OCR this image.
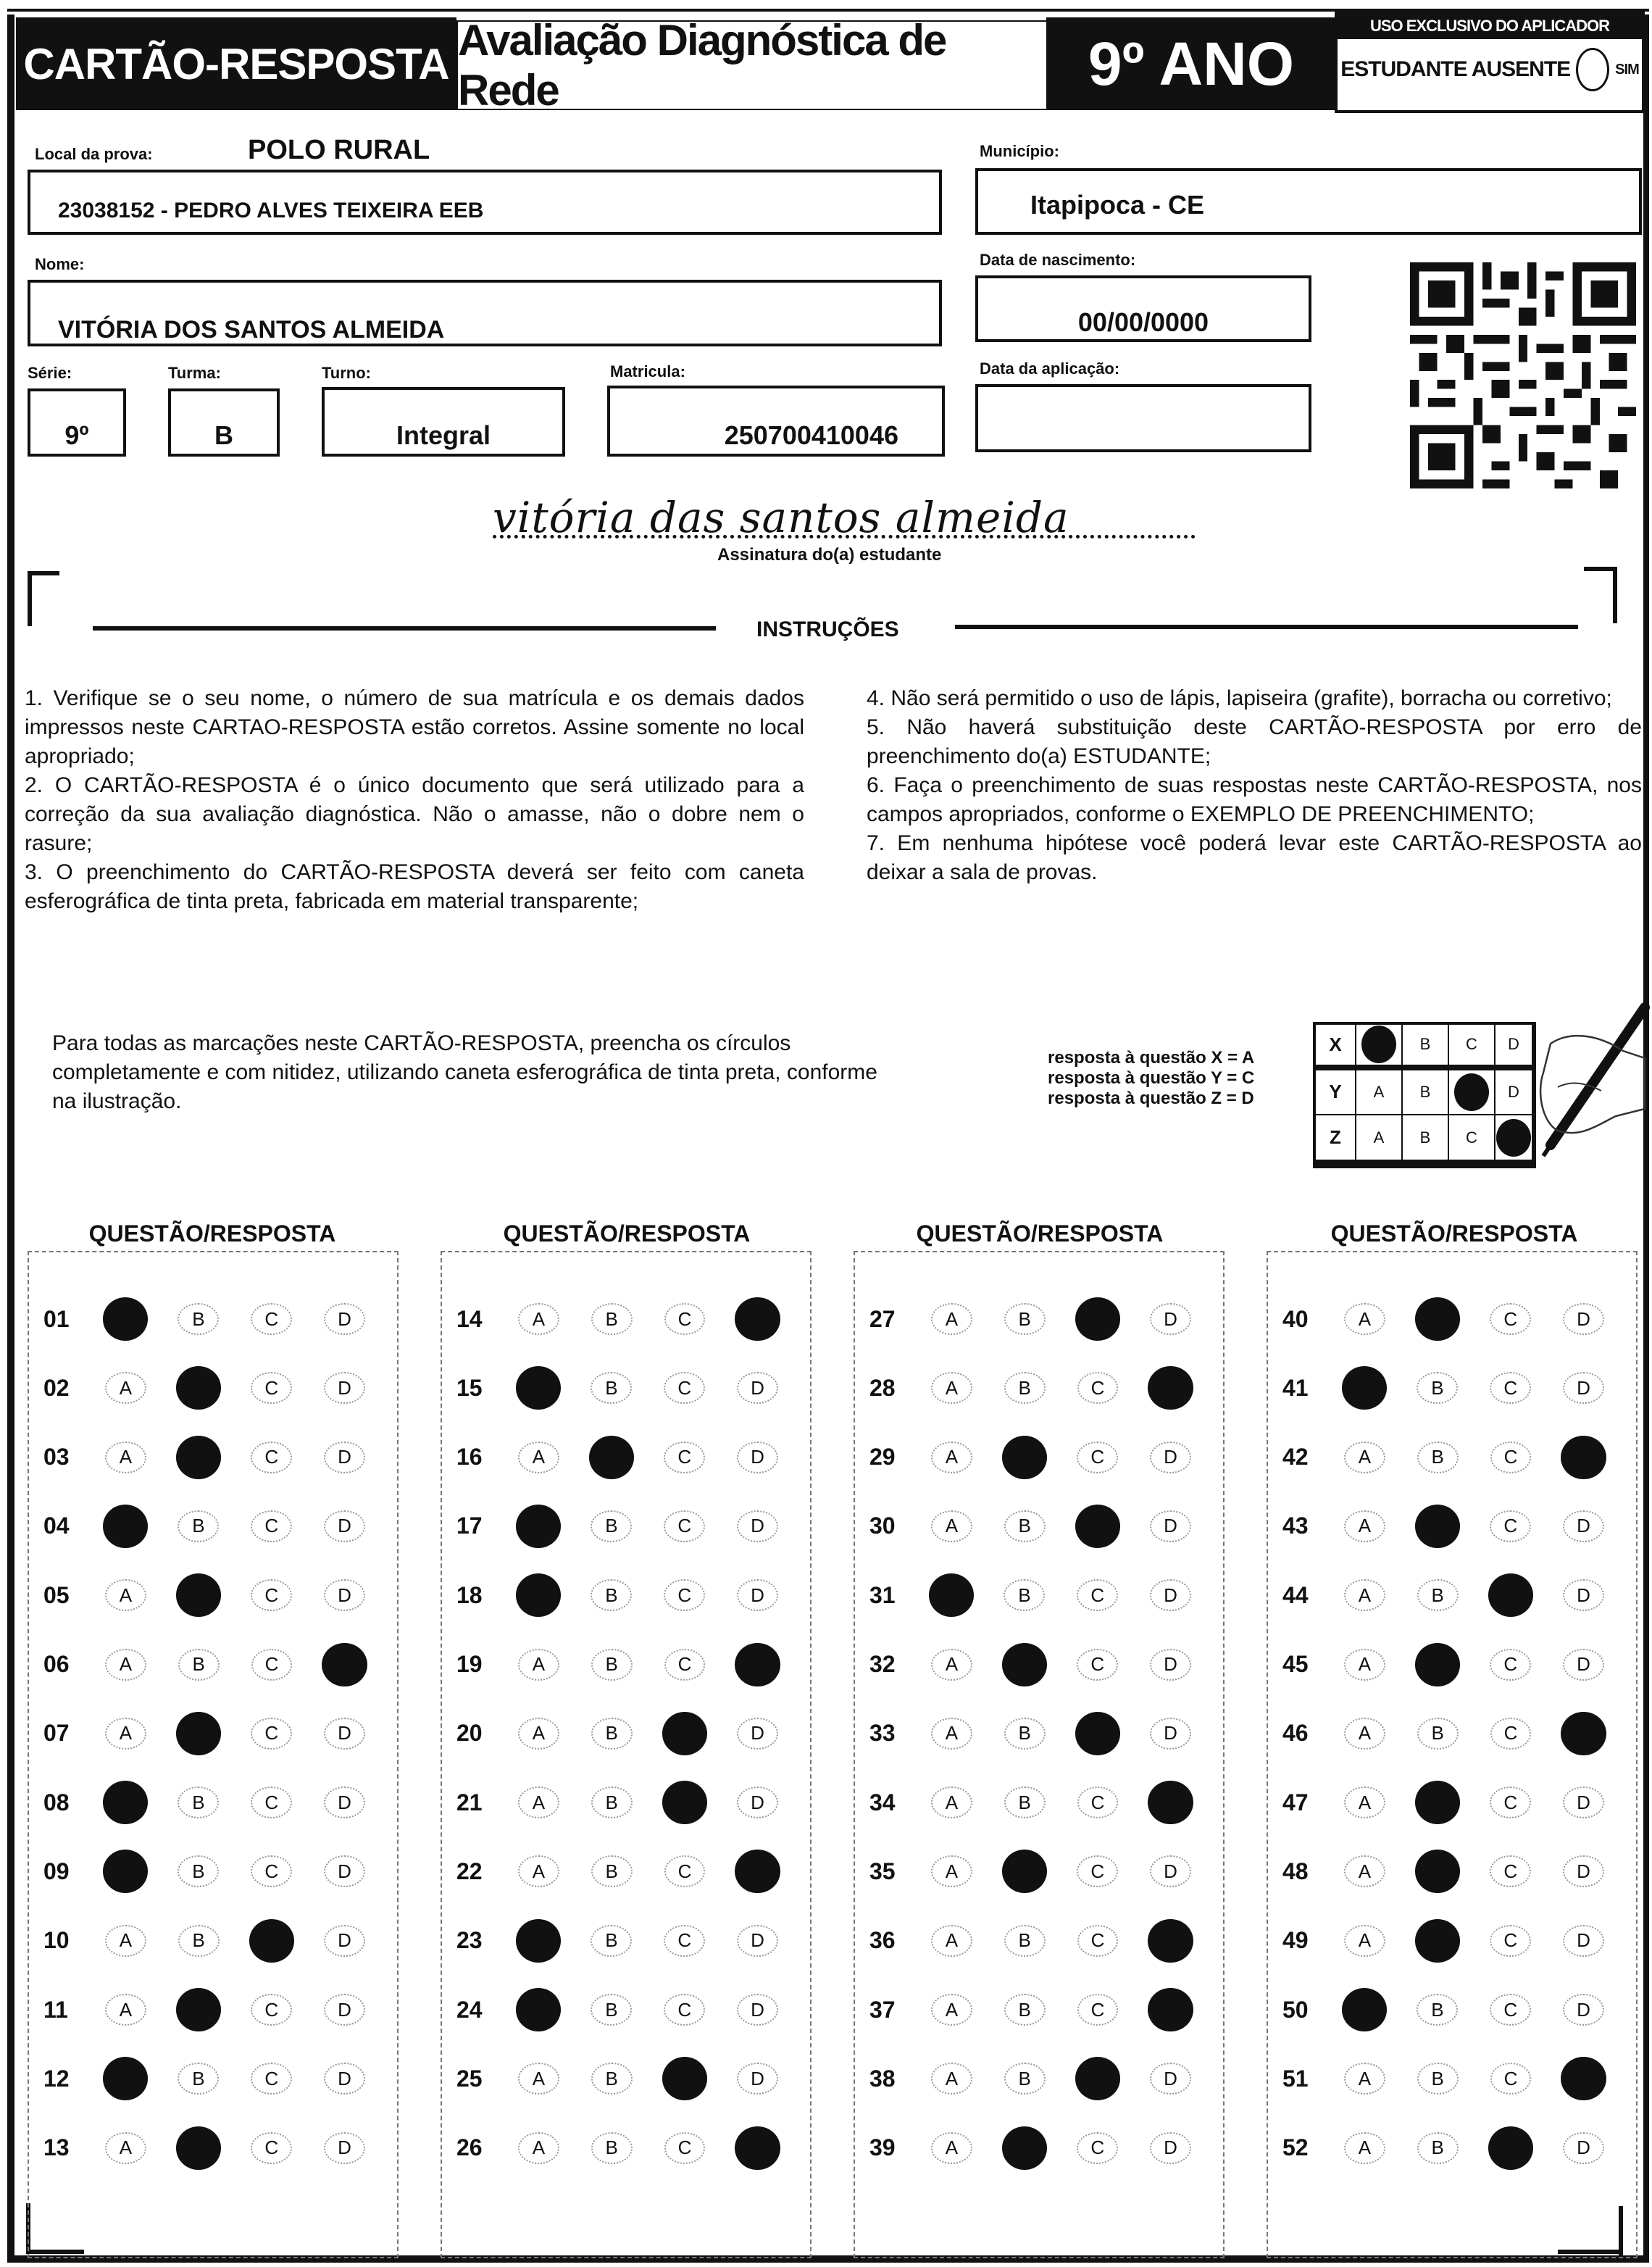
CARTÃO-RESPOSTA Avaliação Diagnóstica de Rede	9º ANO
USO EXCLUSIVO DO APLICADOR
ESTUDANTE AUSENTE	SIM
Local da prova:	POLO RURAL
23038152 - PEDRO ALVES TEIXEIRA EEB
Município:
Itapipoca - CE
Nome:
VITÓRIA DOS SANTOS ALMEIDA
Data de nascimento:
00/00/0000
Série:
9º
Turma:
B
Turno:
Integral
Matricula:
250700410046
Data da aplicação:
vitória das santos almeida
Assinatura do(a) estudante
INSTRUÇÕES

1. Verifique se o seu nome, o número de sua matrícula e os demais dados impressos neste CARTAO-RESPOSTA estão corretos. Assine somente no local apropriado;

2. O CARTÃO-RESPOSTA é o único documento que será utilizado para a correção da sua avaliação diagnóstica. Não o amasse, não o dobre nem o rasure;

3. O preenchimento do CARTÃO-RESPOSTA deverá ser feito com caneta esferográfica de tinta preta, fabricada em material transparente;

4. Não será permitido o uso de lápis, lapiseira (grafite), borracha ou corretivo;

5. Não haverá substituição deste CARTÃO-RESPOSTA por erro de preenchimento do(a) ESTUDANTE;

6. Faça o preenchimento de suas respostas neste CARTÃO-RESPOSTA, nos campos apropriados, conforme o EXEMPLO DE PREENCHIMENTO;

7. Em nenhuma hipótese você poderá levar este CARTÃO-RESPOSTA ao deixar a sala de provas.

Para todas as marcações neste CARTÃO-RESPOSTA, preencha os círculos completamente e com nitidez, utilizando caneta esferográfica de tinta preta, conforme na ilustração.
resposta à questão X = A
resposta à questão Y = C
resposta à questão Z = D
X	B	C	D
Y	A	B	D
Z	A	B	C
QUESTÃO/RESPOSTA	QUESTÃO/RESPOSTA	QUESTÃO/RESPOSTA	QUESTÃO/RESPOSTA
01	B	C	D
02	A	C	D
03	A	C	D
04	B	C	D
05	A	C	D
06	A	B	C
07	A	C	D
08	B	C	D
09	B	C	D
10	A	B	D
11	A	C	D
12	B	C	D
13	A	C	D
14	A	B	C
15	B	C	D
16	A	C	D
17	B	C	D
18	B	C	D
19	A	B	C
20	A	B	D
21	A	B	D
22	A	B	C
23	B	C	D
24	B	C	D
25	A	B	D
26	A	B	C
27	A	B	D
28	A	B	C
29	A	C	D
30	A	B	D
31	B	C	D
32	A	C	D
33	A	B	D
34	A	B	C
35	A	C	D
36	A	B	C
37	A	B	C
38	A	B	D
39	A	C	D
40	A	C	D
41	B	C	D
42	A	B	C
43	A	C	D
44	A	B	D
45	A	C	D
46	A	B	C
47	A	C	D
48	A	C	D
49	A	C	D
50	B	C	D
51	A	B	C
52	A	B	D
